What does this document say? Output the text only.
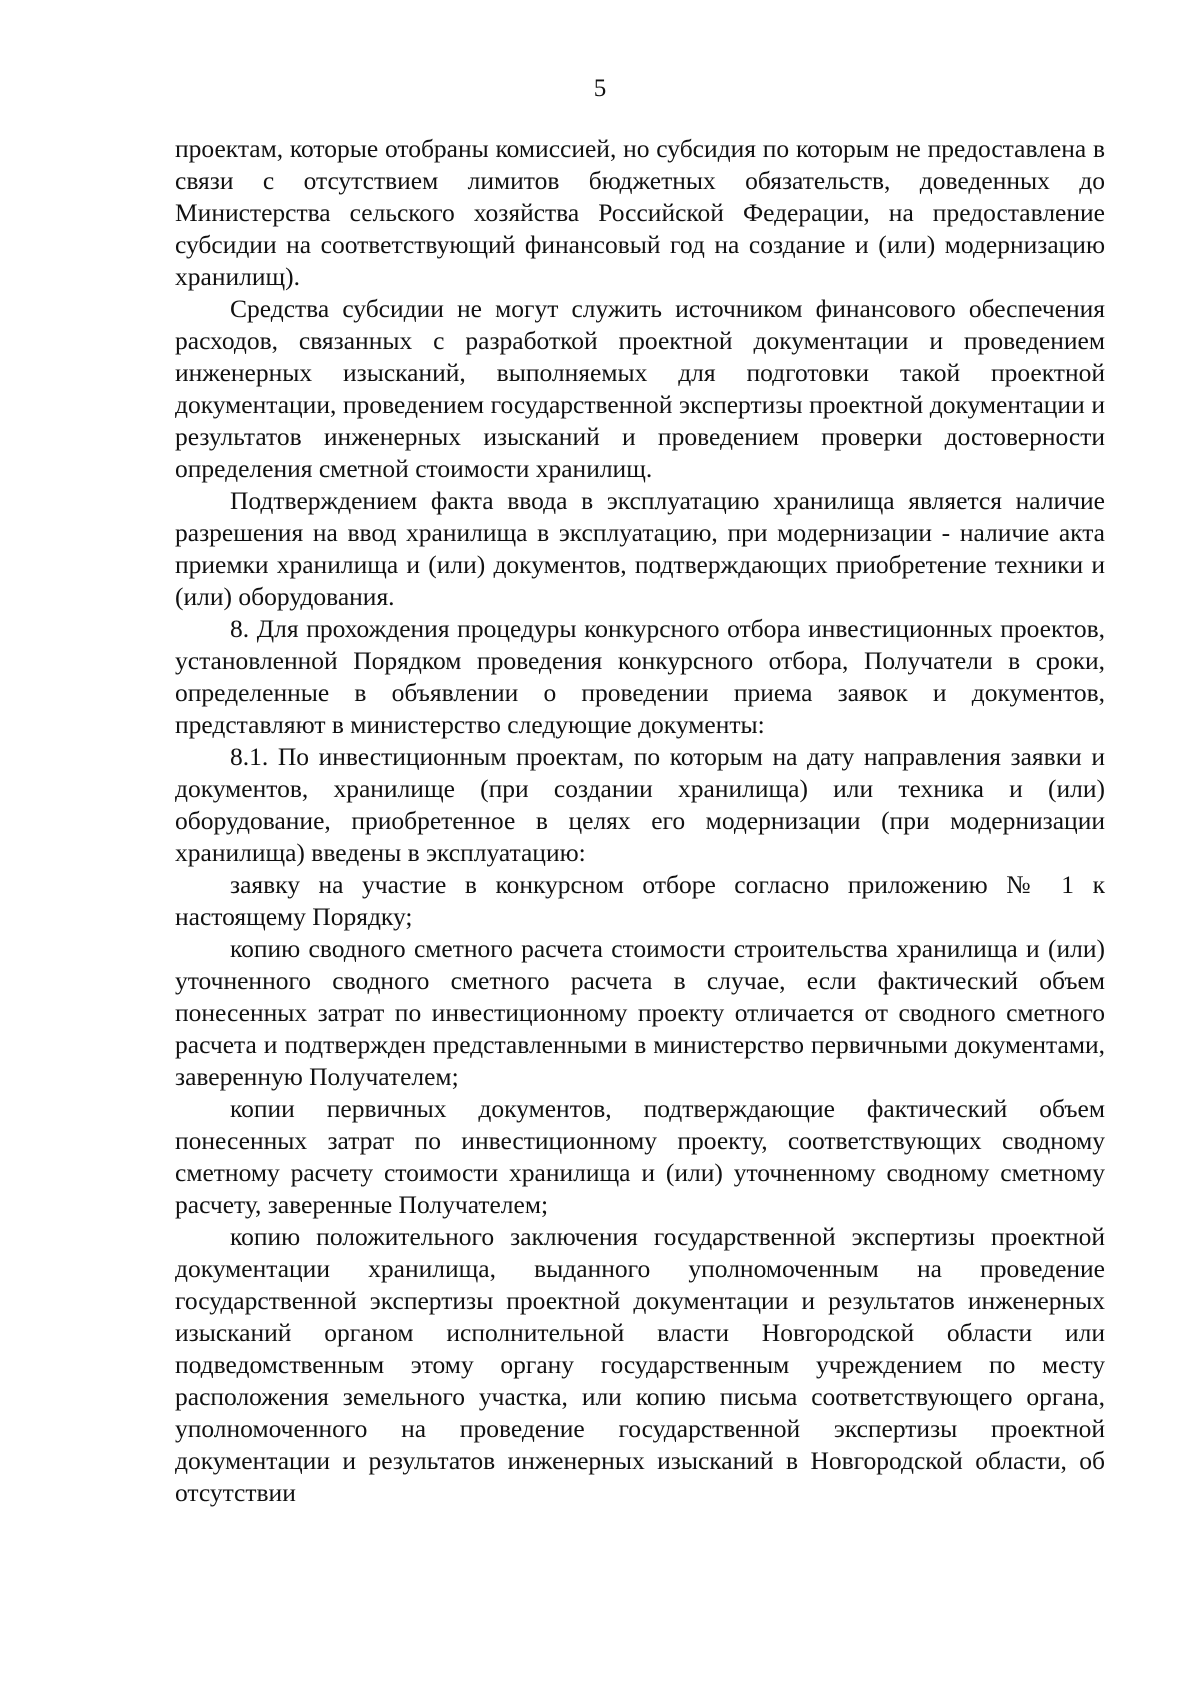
5

проектам, которые отобраны комиссией, но субсидия по которым не предоставлена в связи с отсутствием лимитов бюджетных обязательств, доведенных до Министерства сельского хозяйства Российской Федерации, на предоставление субсидии на соответствующий финансовый год на создание и (или) модернизацию хранилищ).

Средства субсидии не могут служить источником финансового обеспечения расходов, связанных с разработкой проектной документации и проведением инженерных изысканий, выполняемых для подготовки такой проектной документации, проведением государственной экспертизы проектной документации и результатов инженерных изысканий и проведением проверки достоверности определения сметной стоимости хранилищ.

Подтверждением факта ввода в эксплуатацию хранилища является наличие разрешения на ввод хранилища в эксплуатацию, при модернизации - наличие акта приемки хранилища и (или) документов, подтверждающих приобретение техники и (или) оборудования.

8. Для прохождения процедуры конкурсного отбора инвестиционных проектов, установленной Порядком проведения конкурсного отбора, Получатели в сроки, определенные в объявлении о проведении приема заявок и документов, представляют в министерство следующие документы:

8.1. По инвестиционным проектам, по которым на дату направления заявки и документов, хранилище (при создании хранилища) или техника и (или) оборудование, приобретенное в целях его модернизации (при модернизации хранилища) введены в эксплуатацию:

заявку на участие в конкурсном отборе согласно приложению № 1 к настоящему Порядку;

копию сводного сметного расчета стоимости строительства хранилища и (или) уточненного сводного сметного расчета в случае, если фактический объем понесенных затрат по инвестиционному проекту отличается от сводного сметного расчета и подтвержден представленными в министерство первичными документами, заверенную Получателем;

копии первичных документов, подтверждающие фактический объем понесенных затрат по инвестиционному проекту, соответствующих сводному сметному расчету стоимости хранилища и (или) уточненному сводному сметному расчету, заверенные Получателем;

копию положительного заключения государственной экспертизы проектной документации хранилища, выданного уполномоченным на проведение государственной экспертизы проектной документации и результатов инженерных изысканий органом исполнительной власти Новгородской области или подведомственным этому органу государственным учреждением по месту расположения земельного участка, или копию письма соответствующего органа, уполномоченного на проведение государственной экспертизы проектной документации и результатов инженерных изысканий в Новгородской области, об отсутствии
